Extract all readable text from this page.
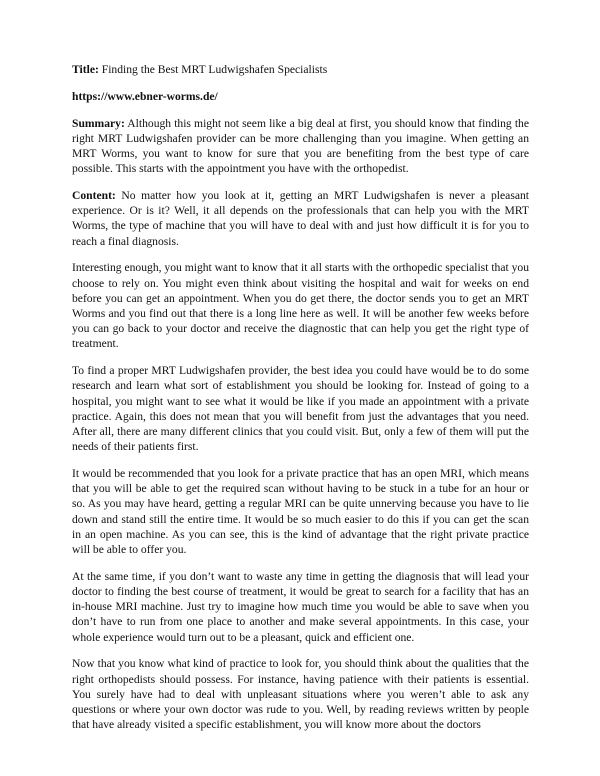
Title: Finding the Best MRT Ludwigshafen Specialists

https://www.ebner-worms.de/

Summary: Although this might not seem like a big deal at first, you should know that finding the right MRT Ludwigshafen provider can be more challenging than you imagine. When getting an MRT Worms, you want to know for sure that you are benefiting from the best type of care possible. This starts with the appointment you have with the orthopedist.

Content: No matter how you look at it, getting an MRT Ludwigshafen is never a pleasant experience. Or is it? Well, it all depends on the professionals that can help you with the MRT Worms, the type of machine that you will have to deal with and just how difficult it is for you to reach a final diagnosis.

Interesting enough, you might want to know that it all starts with the orthopedic specialist that you choose to rely on. You might even think about visiting the hospital and wait for weeks on end before you can get an appointment. When you do get there, the doctor sends you to get an MRT Worms and you find out that there is a long line here as well. It will be another few weeks before you can go back to your doctor and receive the diagnostic that can help you get the right type of treatment.

To find a proper MRT Ludwigshafen provider, the best idea you could have would be to do some research and learn what sort of establishment you should be looking for. Instead of going to a hospital, you might want to see what it would be like if you made an appointment with a private practice. Again, this does not mean that you will benefit from just the advantages that you need. After all, there are many different clinics that you could visit. But, only a few of them will put the needs of their patients first.

It would be recommended that you look for a private practice that has an open MRI, which means that you will be able to get the required scan without having to be stuck in a tube for an hour or so. As you may have heard, getting a regular MRI can be quite unnerving because you have to lie down and stand still the entire time. It would be so much easier to do this if you can get the scan in an open machine. As you can see, this is the kind of advantage that the right private practice will be able to offer you.

At the same time, if you don’t want to waste any time in getting the diagnosis that will lead your doctor to finding the best course of treatment, it would be great to search for a facility that has an in-house MRI machine. Just try to imagine how much time you would be able to save when you don’t have to run from one place to another and make several appointments. In this case, your whole experience would turn out to be a pleasant, quick and efficient one.

Now that you know what kind of practice to look for, you should think about the qualities that the right orthopedists should possess. For instance, having patience with their patients is essential. You surely have had to deal with unpleasant situations where you weren’t able to ask any questions or where your own doctor was rude to you. Well, by reading reviews written by people that have already visited a specific establishment, you will know more about the doctors
